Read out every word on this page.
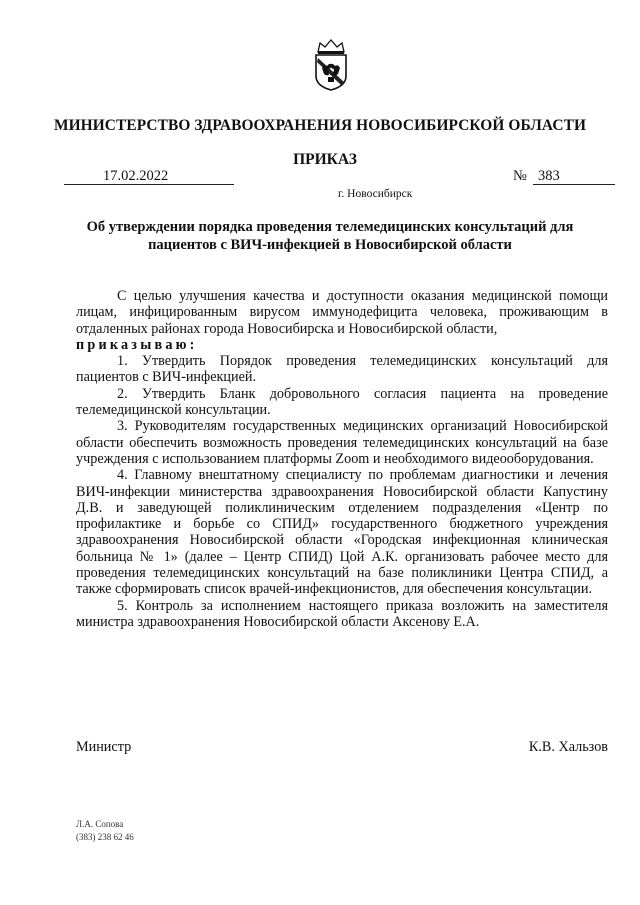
МИНИСТЕРСТВО ЗДРАВООХРАНЕНИЯ НОВОСИБИРСКОЙ ОБЛАСТИ
ПРИКАЗ
17.02.2022	№ 383
г. Новосибирск
Об утверждении порядка проведения телемедицинских консультаций для пациентов с ВИЧ-инфекцией в Новосибирской области

С целью улучшения качества и доступности оказания медицинской помощи лицам, инфицированным вирусом иммунодефицита человека, проживающим в отдаленных районах города Новосибирска и Новосибирской области,

приказываю:

1. Утвердить Порядок проведения телемедицинских консультаций для пациентов с ВИЧ-инфекцией.

2. Утвердить Бланк добровольного согласия пациента на проведение телемедицинской консультации.

3. Руководителям государственных медицинских организаций Новосибирской области обеспечить возможность проведения телемедицинских консультаций на базе учреждения с использованием платформы Zoom и необходимого видеооборудования.

4. Главному внештатному специалисту по проблемам диагностики и лечения ВИЧ-инфекции министерства здравоохранения Новосибирской области Капустину Д.В. и заведующей поликлиническим отделением подразделения «Центр по профилактике и борьбе со СПИД» государственного бюджетного учреждения здравоохранения Новосибирской области «Городская инфекционная клиническая больница № 1» (далее – Центр СПИД) Цой А.К. организовать рабочее место для проведения телемедицинских консультаций на базе поликлиники Центра СПИД, а также сформировать список врачей-инфекционистов, для обеспечения консультации.

5. Контроль за исполнением настоящего приказа возложить на заместителя министра здравоохранения Новосибирской области Аксенову Е.А.

Министр	К.В. Хальзов
Л.А. Сопова
(383) 238 62 46
